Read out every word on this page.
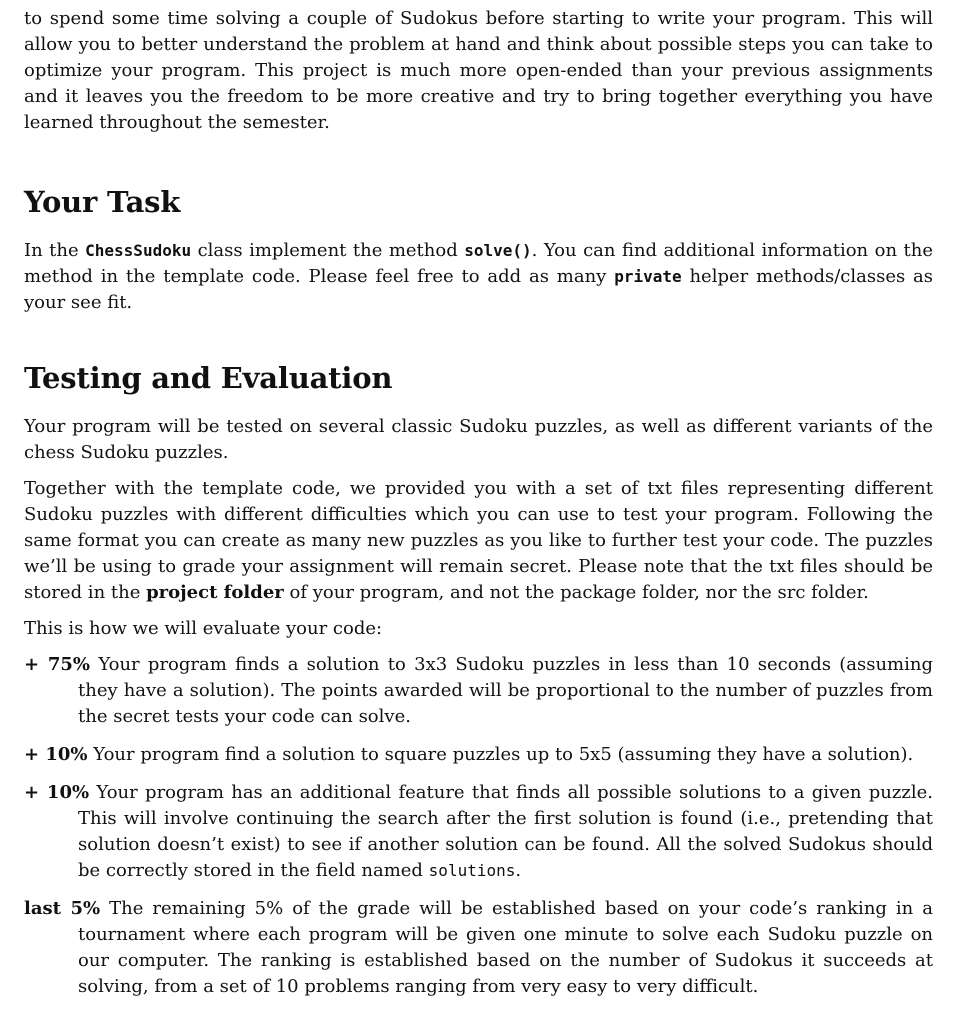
to spend some time solving a couple of Sudokus before starting to write your program. This will allow you to better understand the problem at hand and think about possible steps you can take to optimize your program. This project is much more open-ended than your previous assignments and it leaves you the freedom to be more creative and try to bring together everything you have learned throughout the semester.

Your Task

In the ChessSudoku class implement the method solve(). You can find additional information on the method in the template code. Please feel free to add as many private helper methods/classes as your see fit.

Testing and Evaluation

Your program will be tested on several classic Sudoku puzzles, as well as different variants of the chess Sudoku puzzles.

Together with the template code, we provided you with a set of txt files representing different Sudoku puzzles with different difficulties which you can use to test your program. Following the same format you can create as many new puzzles as you like to further test your code. The puzzles we’ll be using to grade your assignment will remain secret. Please note that the txt files should be stored in the project folder of your program, and not the package folder, nor the src folder.

This is how we will evaluate your code:

+ 75% Your program finds a solution to 3x3 Sudoku puzzles in less than 10 seconds (assuming they have a solution). The points awarded will be proportional to the number of puzzles from the secret tests your code can solve.
+ 10% Your program find a solution to square puzzles up to 5x5 (assuming they have a solution).
+ 10% Your program has an additional feature that finds all possible solutions to a given puzzle. This will involve continuing the search after the first solution is found (i.e., pretending that solution doesn’t exist) to see if another solution can be found. All the solved Sudokus should be correctly stored in the field named solutions.
last 5% The remaining 5% of the grade will be established based on your code’s ranking in a tournament where each program will be given one minute to solve each Sudoku puzzle on our computer. The ranking is established based on the number of Sudokus it succeeds at solving, from a set of 10 problems ranging from very easy to very difficult.
